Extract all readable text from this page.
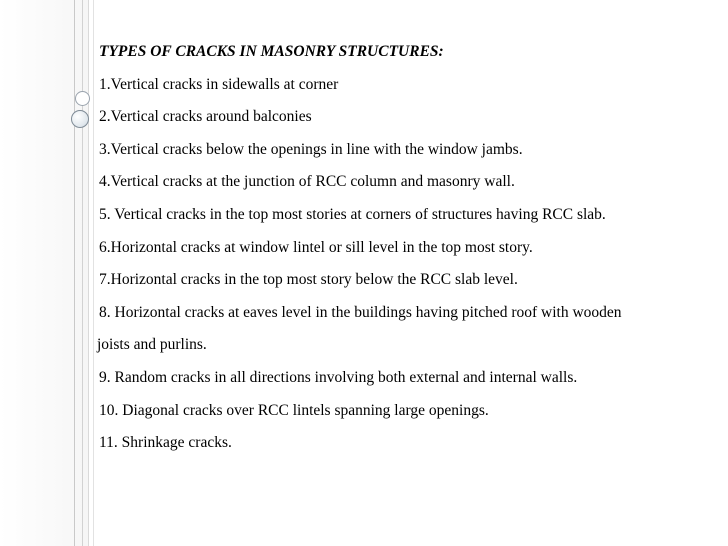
TYPES OF CRACKS IN MASONRY STRUCTURES:
1.Vertical cracks in sidewalls at corner
2.Vertical cracks around balconies
3.Vertical cracks below the openings in line with the window jambs.
4.Vertical cracks at the junction of RCC column and masonry wall.
5. Vertical cracks in the top most stories at corners of structures having RCC slab.
6.Horizontal cracks at window lintel or sill level in the top most story.
7.Horizontal cracks in the top most story below the RCC slab level.
8. Horizontal cracks at eaves level in the buildings having pitched roof with wooden
joists and purlins.
9. Random cracks in all directions involving both external and internal walls.
10. Diagonal cracks over RCC lintels spanning large openings.
11. Shrinkage cracks.
